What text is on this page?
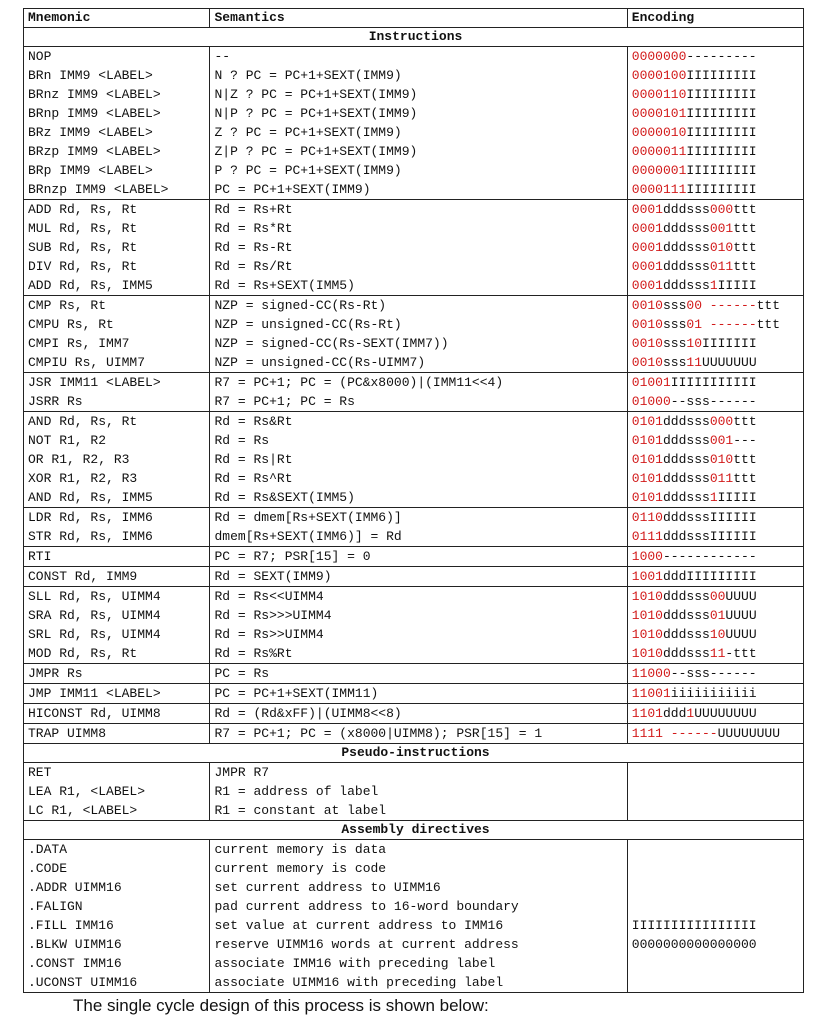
Mnemonic	Semantics	Encoding
Instructions		
NOP	--	0000000---------
BRn IMM9 <LABEL>	N ? PC = PC+1+SEXT(IMM9)	0000100IIIIIIIII
BRnz IMM9 <LABEL>	N|Z ? PC = PC+1+SEXT(IMM9)	0000110IIIIIIIII
BRnp IMM9 <LABEL>	N|P ? PC = PC+1+SEXT(IMM9)	0000101IIIIIIIII
BRz IMM9 <LABEL>	Z ? PC = PC+1+SEXT(IMM9)	0000010IIIIIIIII
BRzp IMM9 <LABEL>	Z|P ? PC = PC+1+SEXT(IMM9)	0000011IIIIIIIII
BRp IMM9 <LABEL>	P ? PC = PC+1+SEXT(IMM9)	0000001IIIIIIIII
BRnzp IMM9 <LABEL>	PC = PC+1+SEXT(IMM9)	0000111IIIIIIIII
ADD Rd, Rs, Rt	Rd = Rs+Rt	0001dddsss000ttt
MUL Rd, Rs, Rt	Rd = Rs*Rt	0001dddsss001ttt
SUB Rd, Rs, Rt	Rd = Rs-Rt	0001dddsss010ttt
DIV Rd, Rs, Rt	Rd = Rs/Rt	0001dddsss011ttt
ADD Rd, Rs, IMM5	Rd = Rs+SEXT(IMM5)	0001dddsss1IIIII
CMP Rs, Rt	NZP = signed-CC(Rs-Rt)	0010sss00 ------ttt
CMPU Rs, Rt	NZP = unsigned-CC(Rs-Rt)	0010sss01 ------ttt
CMPI Rs, IMM7	NZP = signed-CC(Rs-SEXT(IMM7))	0010sss10IIIIIII
CMPIU Rs, UIMM7	NZP = unsigned-CC(Rs-UIMM7)	0010sss11UUUUUUU
JSR IMM11 <LABEL>	R7 = PC+1; PC = (PC&x8000)|(IMM11<<4)	01001IIIIIIIIIII
JSRR Rs	R7 = PC+1; PC = Rs	01000--sss------
AND Rd, Rs, Rt	Rd = Rs&Rt	0101dddsss000ttt
NOT R1, R2	Rd = Rs	0101dddsss001---
OR R1, R2, R3	Rd = Rs|Rt	0101dddsss010ttt
XOR R1, R2, R3	Rd = Rs^Rt	0101dddsss011ttt
AND Rd, Rs, IMM5	Rd = Rs&SEXT(IMM5)	0101dddsss1IIIII
LDR Rd, Rs, IMM6	Rd = dmem[Rs+SEXT(IMM6)]	0110dddsssIIIIII
STR Rd, Rs, IMM6	dmem[Rs+SEXT(IMM6)] = Rd	0111dddsssIIIIII
RTI	PC = R7; PSR[15] = 0	1000------------
CONST Rd, IMM9	Rd = SEXT(IMM9)	1001dddIIIIIIIII
SLL Rd, Rs, UIMM4	Rd = Rs<<UIMM4	1010dddsss00UUUU
SRA Rd, Rs, UIMM4	Rd = Rs>>>UIMM4	1010dddsss01UUUU
SRL Rd, Rs, UIMM4	Rd = Rs>>UIMM4	1010dddsss10UUUU
MOD Rd, Rs, Rt	Rd = Rs%Rt	1010dddsss11-ttt
JMPR Rs	PC = Rs	11000--sss------
JMP IMM11 <LABEL>	PC = PC+1+SEXT(IMM11)	11001iiiiiiiiiii
HICONST Rd, UIMM8	Rd = (Rd&xFF)|(UIMM8<<8)	1101ddd1UUUUUUUU
TRAP UIMM8	R7 = PC+1; PC = (x8000|UIMM8); PSR[15] = 1	1111 ------UUUUUUUU
Pseudo-instructions		
RET	JMPR R7	
LEA R1, <LABEL>	R1 = address of label	
LC R1, <LABEL>	R1 = constant at label	
Assembly directives		
.DATA	current memory is data	
.CODE	current memory is code	
.ADDR UIMM16	set current address to UIMM16	
.FALIGN	pad current address to 16-word boundary	
.FILL IMM16	set value at current address to IMM16	IIIIIIIIIIIIIIII
.BLKW UIMM16	reserve UIMM16 words at current address	0000000000000000
.CONST IMM16	associate IMM16 with preceding label	
.UCONST UIMM16	associate UIMM16 with preceding label	
The single cycle design of this process is shown below:
